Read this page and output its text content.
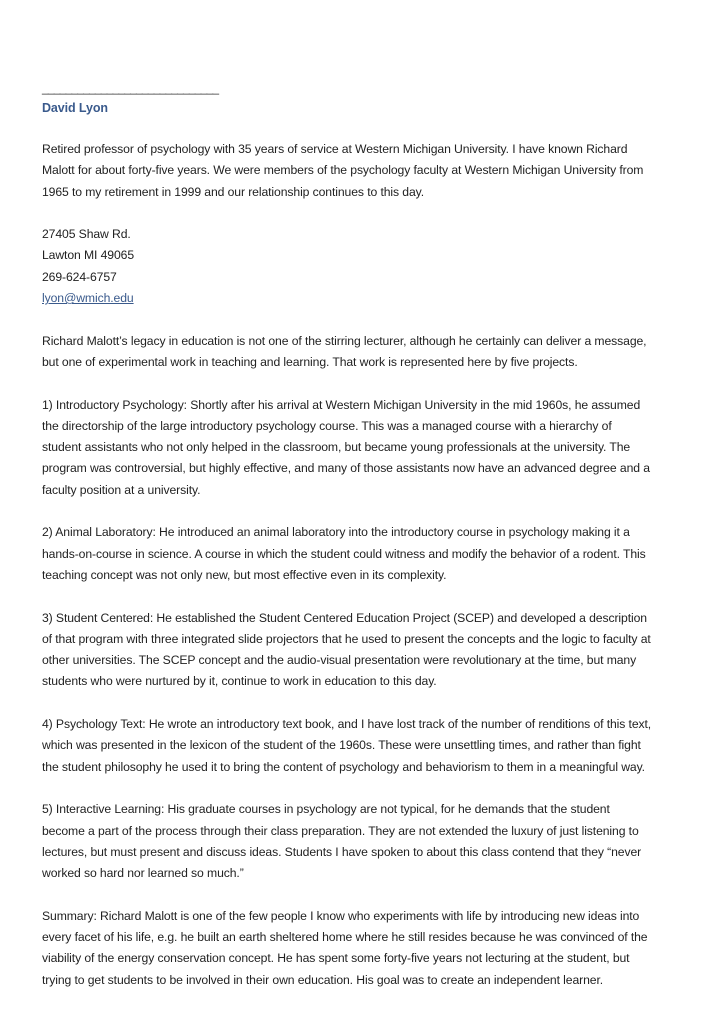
______________________________
David Lyon

Retired professor of psychology with 35 years of service at Western Michigan University. I have known Richard Malott for about forty-five years. We were members of the psychology faculty at Western Michigan University from 1965 to my retirement in 1999 and our relationship continues to this day.

27405 Shaw Rd.

Lawton MI 49065

269-624-6757

lyon@wmich.edu

Richard Malott’s legacy in education is not one of the stirring lecturer, although he certainly can deliver a message, but one of experimental work in teaching and learning. That work is represented here by five projects.

1) Introductory Psychology: Shortly after his arrival at Western Michigan University in the mid 1960s, he assumed the directorship of the large introductory psychology course. This was a managed course with a hierarchy of student assistants who not only helped in the classroom, but became young professionals at the university. The program was controversial, but highly effective, and many of those assistants now have an advanced degree and a faculty position at a university.

2) Animal Laboratory: He introduced an animal laboratory into the introductory course in psychology making it a hands-on-course in science. A course in which the student could witness and modify the behavior of a rodent. This teaching concept was not only new, but most effective even in its complexity.

3) Student Centered: He established the Student Centered Education Project (SCEP) and developed a description of that program with three integrated slide projectors that he used to present the concepts and the logic to faculty at other universities. The SCEP concept and the audio-visual presentation were revolutionary at the time, but many students who were nurtured by it, continue to work in education to this day.

4) Psychology Text: He wrote an introductory text book, and I have lost track of the number of renditions of this text, which was presented in the lexicon of the student of the 1960s. These were unsettling times, and rather than fight the student philosophy he used it to bring the content of psychology and behaviorism to them in a meaningful way.

5) Interactive Learning: His graduate courses in psychology are not typical, for he demands that the student become a part of the process through their class preparation. They are not extended the luxury of just listening to lectures, but must present and discuss ideas. Students I have spoken to about this class contend that they “never worked so hard nor learned so much.”

Summary: Richard Malott is one of the few people I know who experiments with life by introducing new ideas into every facet of his life, e.g. he built an earth sheltered home where he still resides because he was convinced of the viability of the energy conservation concept. He has spent some forty-five years not lecturing at the student, but trying to get students to be involved in their own education. His goal was to create an independent learner.
